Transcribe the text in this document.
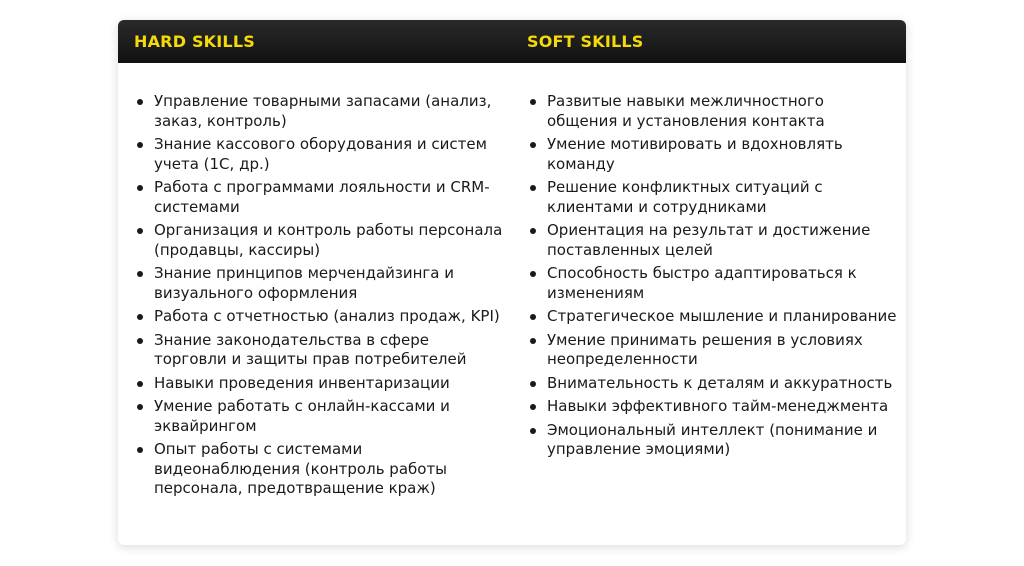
HARD SKILLS	SOFT SKILLS
Управление товарными запасами (анализ, заказ, контроль)
Знание кассового оборудования и систем учета (1С, др.)
Работа с программами лояльности и CRM-системами
Организация и контроль работы персонала (продавцы, кассиры)
Знание принципов мерчендайзинга и визуального оформления
Работа с отчетностью (анализ продаж, KPI)
Знание законодательства в сфере торговли и защиты прав потребителей
Навыки проведения инвентаризации
Умение работать с онлайн-кассами и эквайрингом
Опыт работы с системами видеонаблюдения (контроль работы персонала, предотвращение краж)
Развитые навыки межличностного общения и установления контакта
Умение мотивировать и вдохновлять команду
Решение конфликтных ситуаций с клиентами и сотрудниками
Ориентация на результат и достижение поставленных целей
Способность быстро адаптироваться к изменениям
Стратегическое мышление и планирование
Умение принимать решения в условиях неопределенности
Внимательность к деталям и аккуратность
Навыки эффективного тайм-менеджмента
Эмоциональный интеллект (понимание и управление эмоциями)
